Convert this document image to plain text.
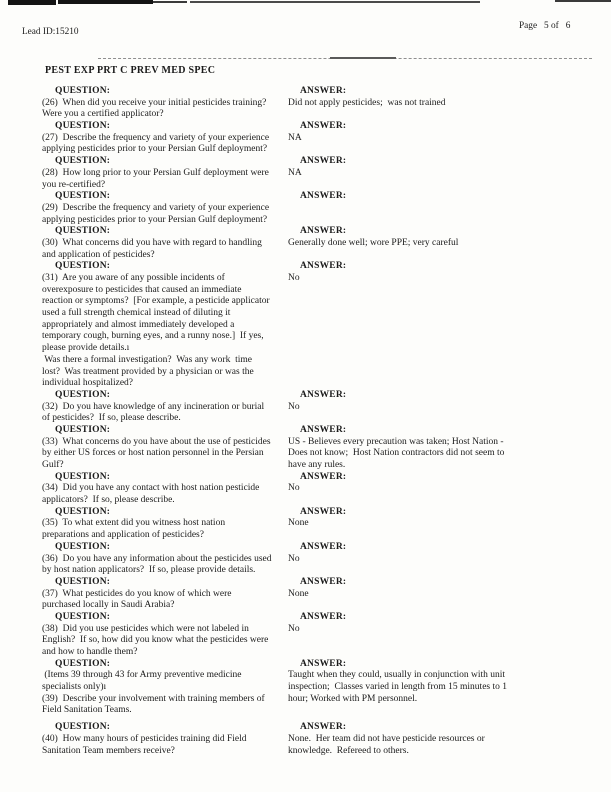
Lead ID:15210
Page   5 of   6
PEST EXP PRT C PREV MED SPEC
QUESTION:
(26)  When did you receive your initial pesticides training?
Were you a certified applicator?
ANSWER:
Did not apply pesticides;  was not trained
QUESTION:
(27)  Describe the frequency and variety of your experience
applying pesticides prior to your Persian Gulf deployment?
ANSWER:
NA
QUESTION:
(28)  How long prior to your Persian Gulf deployment were
you re-certified?
ANSWER:
NA
QUESTION:
(29)  Describe the frequency and variety of your experience
applying pesticides prior to your Persian Gulf deployment?
ANSWER:
QUESTION:
(30)  What concerns did you have with regard to handling
and application of pesticides?
ANSWER:
Generally done well; wore PPE; very careful
QUESTION:
(31)  Are you aware of any possible incidents of
overexposure to pesticides that caused an immediate
reaction or symptoms?  [For example, a pesticide applicator
used a full strength chemical instead of diluting it
appropriately and almost immediately developed a
temporary cough, burning eyes, and a runny nose.]  If yes,
please provide details.ı
Was there a formal investigation?  Was any work  time
lost?  Was treatment provided by a physician or was the
individual hospitalized?
ANSWER:
No
QUESTION:
(32)  Do you have knowledge of any incineration or burial
of pesticides?  If so, please describe.
ANSWER:
No
QUESTION:
(33)  What concerns do you have about the use of pesticides
by either US forces or host nation personnel in the Persian
Gulf?
ANSWER:
US - Believes every precaution was taken; Host Nation -
Does not know;  Host Nation contractors did not seem to
have any rules.
QUESTION:
(34)  Did you have any contact with host nation pesticide
applicators?  If so, please describe.
ANSWER:
No
QUESTION:
(35)  To what extent did you witness host nation
preparations and application of pesticides?
ANSWER:
None
QUESTION:
(36)  Do you have any information about the pesticides used
by host nation applicators?  If so, please provide details.
ANSWER:
No
QUESTION:
(37)  What pesticides do you know of which were
purchased locally in Saudi Arabia?
ANSWER:
None
QUESTION:
(38)  Did you use pesticides which were not labeled in
English?  If so, how did you know what the pesticides were
and how to handle them?
ANSWER:
No
QUESTION:
(Items 39 through 43 for Army preventive medicine
specialists only)ı
(39)  Describe your involvement with training members of
Field Sanitation Teams.
ANSWER:
Taught when they could, usually in conjunction with unit
inspection;  Classes varied in length from 15 minutes to 1
hour; Worked with PM personnel.
QUESTION:
(40)  How many hours of pesticides training did Field
Sanitation Team members receive?
ANSWER:
None.  Her team did not have pesticide resources or
knowledge.  Refereed to others.
